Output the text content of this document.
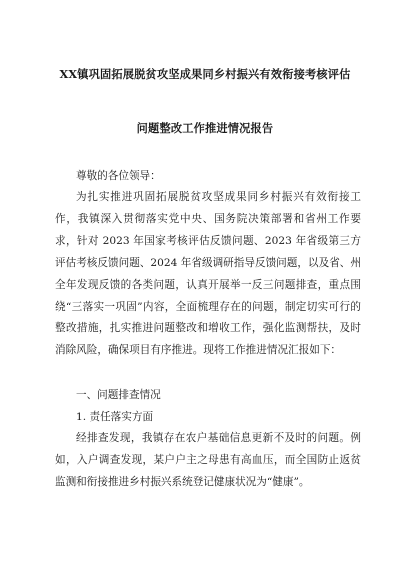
XX镇巩固拓展脱贫攻坚成果同乡村振兴有效衔接考核评估
问题整改工作推进情况报告
尊敬的各位领导：
为扎实推进巩固拓展脱贫攻坚成果同乡村振兴有效衔接工作，我镇深入贯彻落实党中央、国务院决策部署和省州工作要求，针对 2023 年国家考核评估反馈问题、2023 年省级第三方评估考核反馈问题、2024 年省级调研指导反馈问题，以及省、州全年发现反馈的各类问题，认真开展举一反三问题排查，重点围绕“三落实一巩固”内容，全面梳理存在的问题，制定切实可行的整改措施，扎实推进问题整改和增收工作，强化监测帮扶，及时消除风险，确保项目有序推进。现将工作推进情况汇报如下：
一、问题排查情况
1. 责任落实方面
经排查发现，我镇存在农户基础信息更新不及时的问题。例如，入户调查发现，某户户主之母患有高血压，而全国防止返贫监测和衔接推进乡村振兴系统登记健康状况为“健康”。
